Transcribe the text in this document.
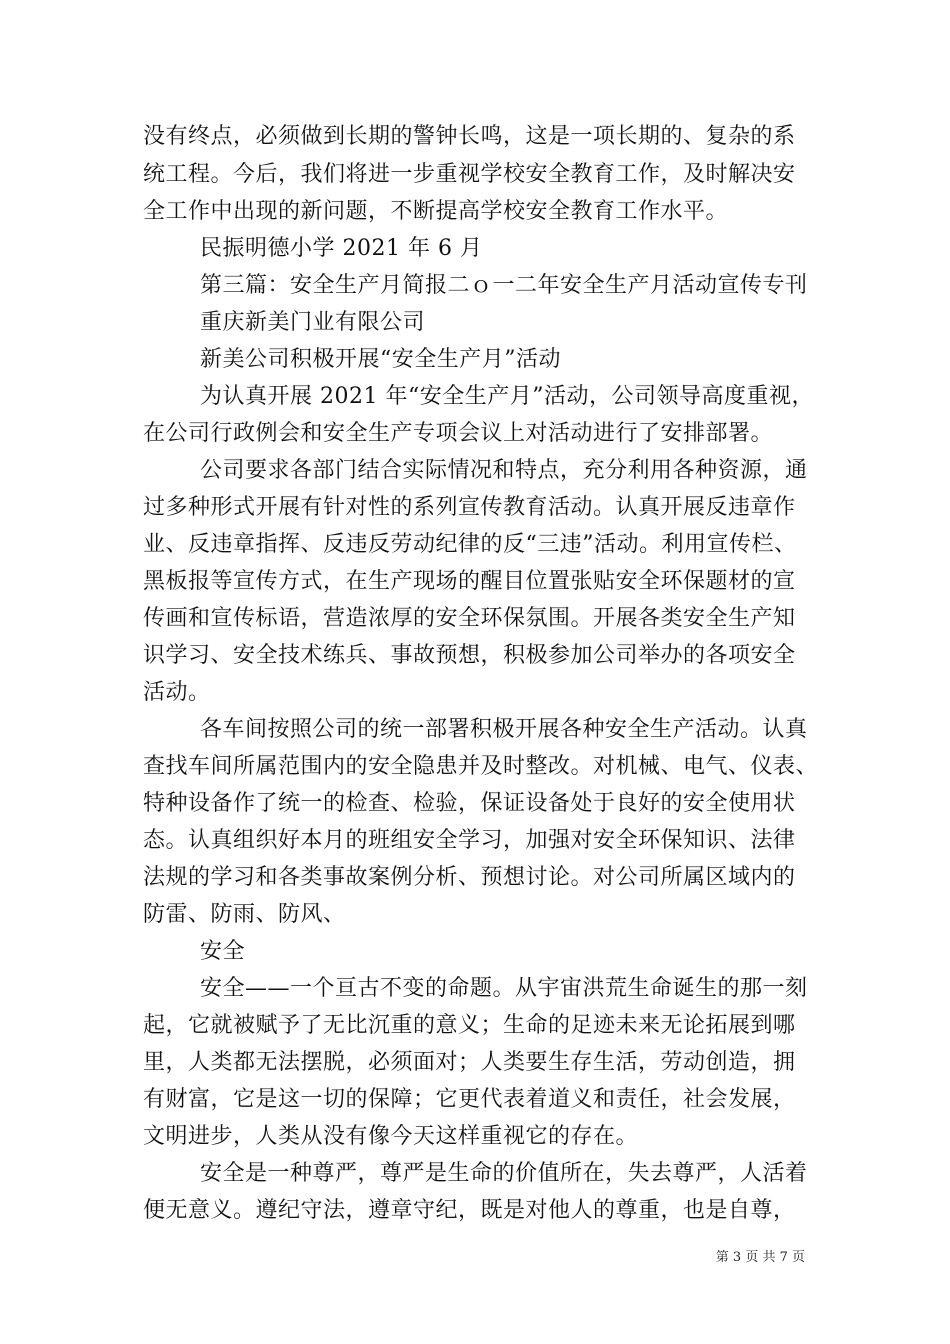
没有终点，必须做到长期的警钟长鸣，这是一项长期的、复杂的系
统工程。今后，我们将进一步重视学校安全教育工作，及时解决安
全工作中出现的新问题，不断提高学校安全教育工作水平。
民振明德小学 2021 年 6 月
第三篇：安全生产月简报二ｏ一二年安全生产月活动宣传专刊
重庆新美门业有限公司
新美公司积极开展“安全生产月”活动
为认真开展 2021 年“安全生产月”活动，公司领导高度重视，
在公司行政例会和安全生产专项会议上对活动进行了安排部署。
公司要求各部门结合实际情况和特点，充分利用各种资源，通
过多种形式开展有针对性的系列宣传教育活动。认真开展反违章作
业、反违章指挥、反违反劳动纪律的反“三违”活动。利用宣传栏、
黑板报等宣传方式，在生产现场的醒目位置张贴安全环保题材的宣
传画和宣传标语，营造浓厚的安全环保氛围。开展各类安全生产知
识学习、安全技术练兵、事故预想，积极参加公司举办的各项安全
活动。
各车间按照公司的统一部署积极开展各种安全生产活动。认真
查找车间所属范围内的安全隐患并及时整改。对机械、电气、仪表、
特种设备作了统一的检查、检验，保证设备处于良好的安全使用状
态。认真组织好本月的班组安全学习，加强对安全环保知识、法律
法规的学习和各类事故案例分析、预想讨论。对公司所属区域内的
防雷、防雨、防风、
安全
安全——一个亘古不变的命题。从宇宙洪荒生命诞生的那一刻
起，它就被赋予了无比沉重的意义；生命的足迹未来无论拓展到哪
里，人类都无法摆脱，必须面对；人类要生存生活，劳动创造，拥
有财富，它是这一切的保障；它更代表着道义和责任，社会发展，
文明进步，人类从没有像今天这样重视它的存在。
安全是一种尊严，尊严是生命的价值所在，失去尊严，人活着
便无意义。遵纪守法，遵章守纪，既是对他人的尊重，也是自尊，
第 3 页 共 7 页
